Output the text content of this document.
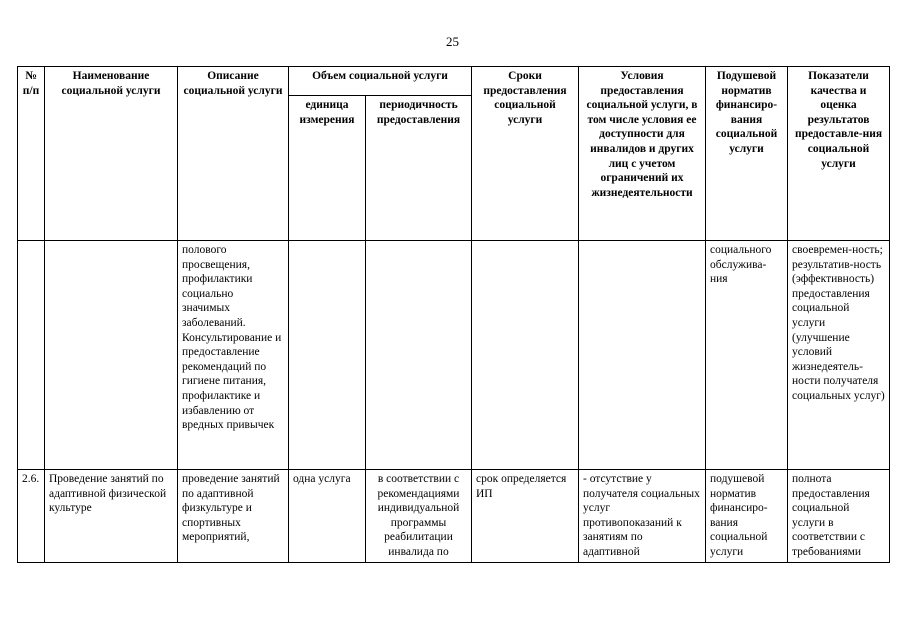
25
№ п/п	Наименование социальной услуги	Описание социальной услуги	Объем социальной услуги		Сроки предоставления социальной услуги	Условия предоставления социальной услуги, в том числе условия ее доступности для инвалидов и других лиц с учетом ограничений их жизнедеятельности	Подушевой норматив финансиро-вания социальной услуги	Показатели качества и оценка результатов предоставле-ния социальной услуги
			единица измерения	периодичность предоставления				
		полового просвещения, профилактики социально значимых заболеваний. Консультирование и предоставление рекомендаций по гигиене питания, профилактике и избавлению от вредных привычек					социального обслужива-ния	своевремен-ность; результатив-ность (эффективность) предоставления социальной услуги (улучшение условий жизнедеятель-ности получателя социальных услуг)
2.6.	Проведение занятий по адаптивной физической культуре	проведение занятий по адаптивной физкультуре и спортивных мероприятий,	одна услуга	в соответствии с рекомендациями индивидуальной программы реабилитации инвалида по	срок определяется ИП	- отсутствие у получателя социальных услуг противопоказаний к занятиям по адаптивной	подушевой норматив финансиро-вания социальной услуги	полнота предоставления социальной услуги в соответствии с требованиями
